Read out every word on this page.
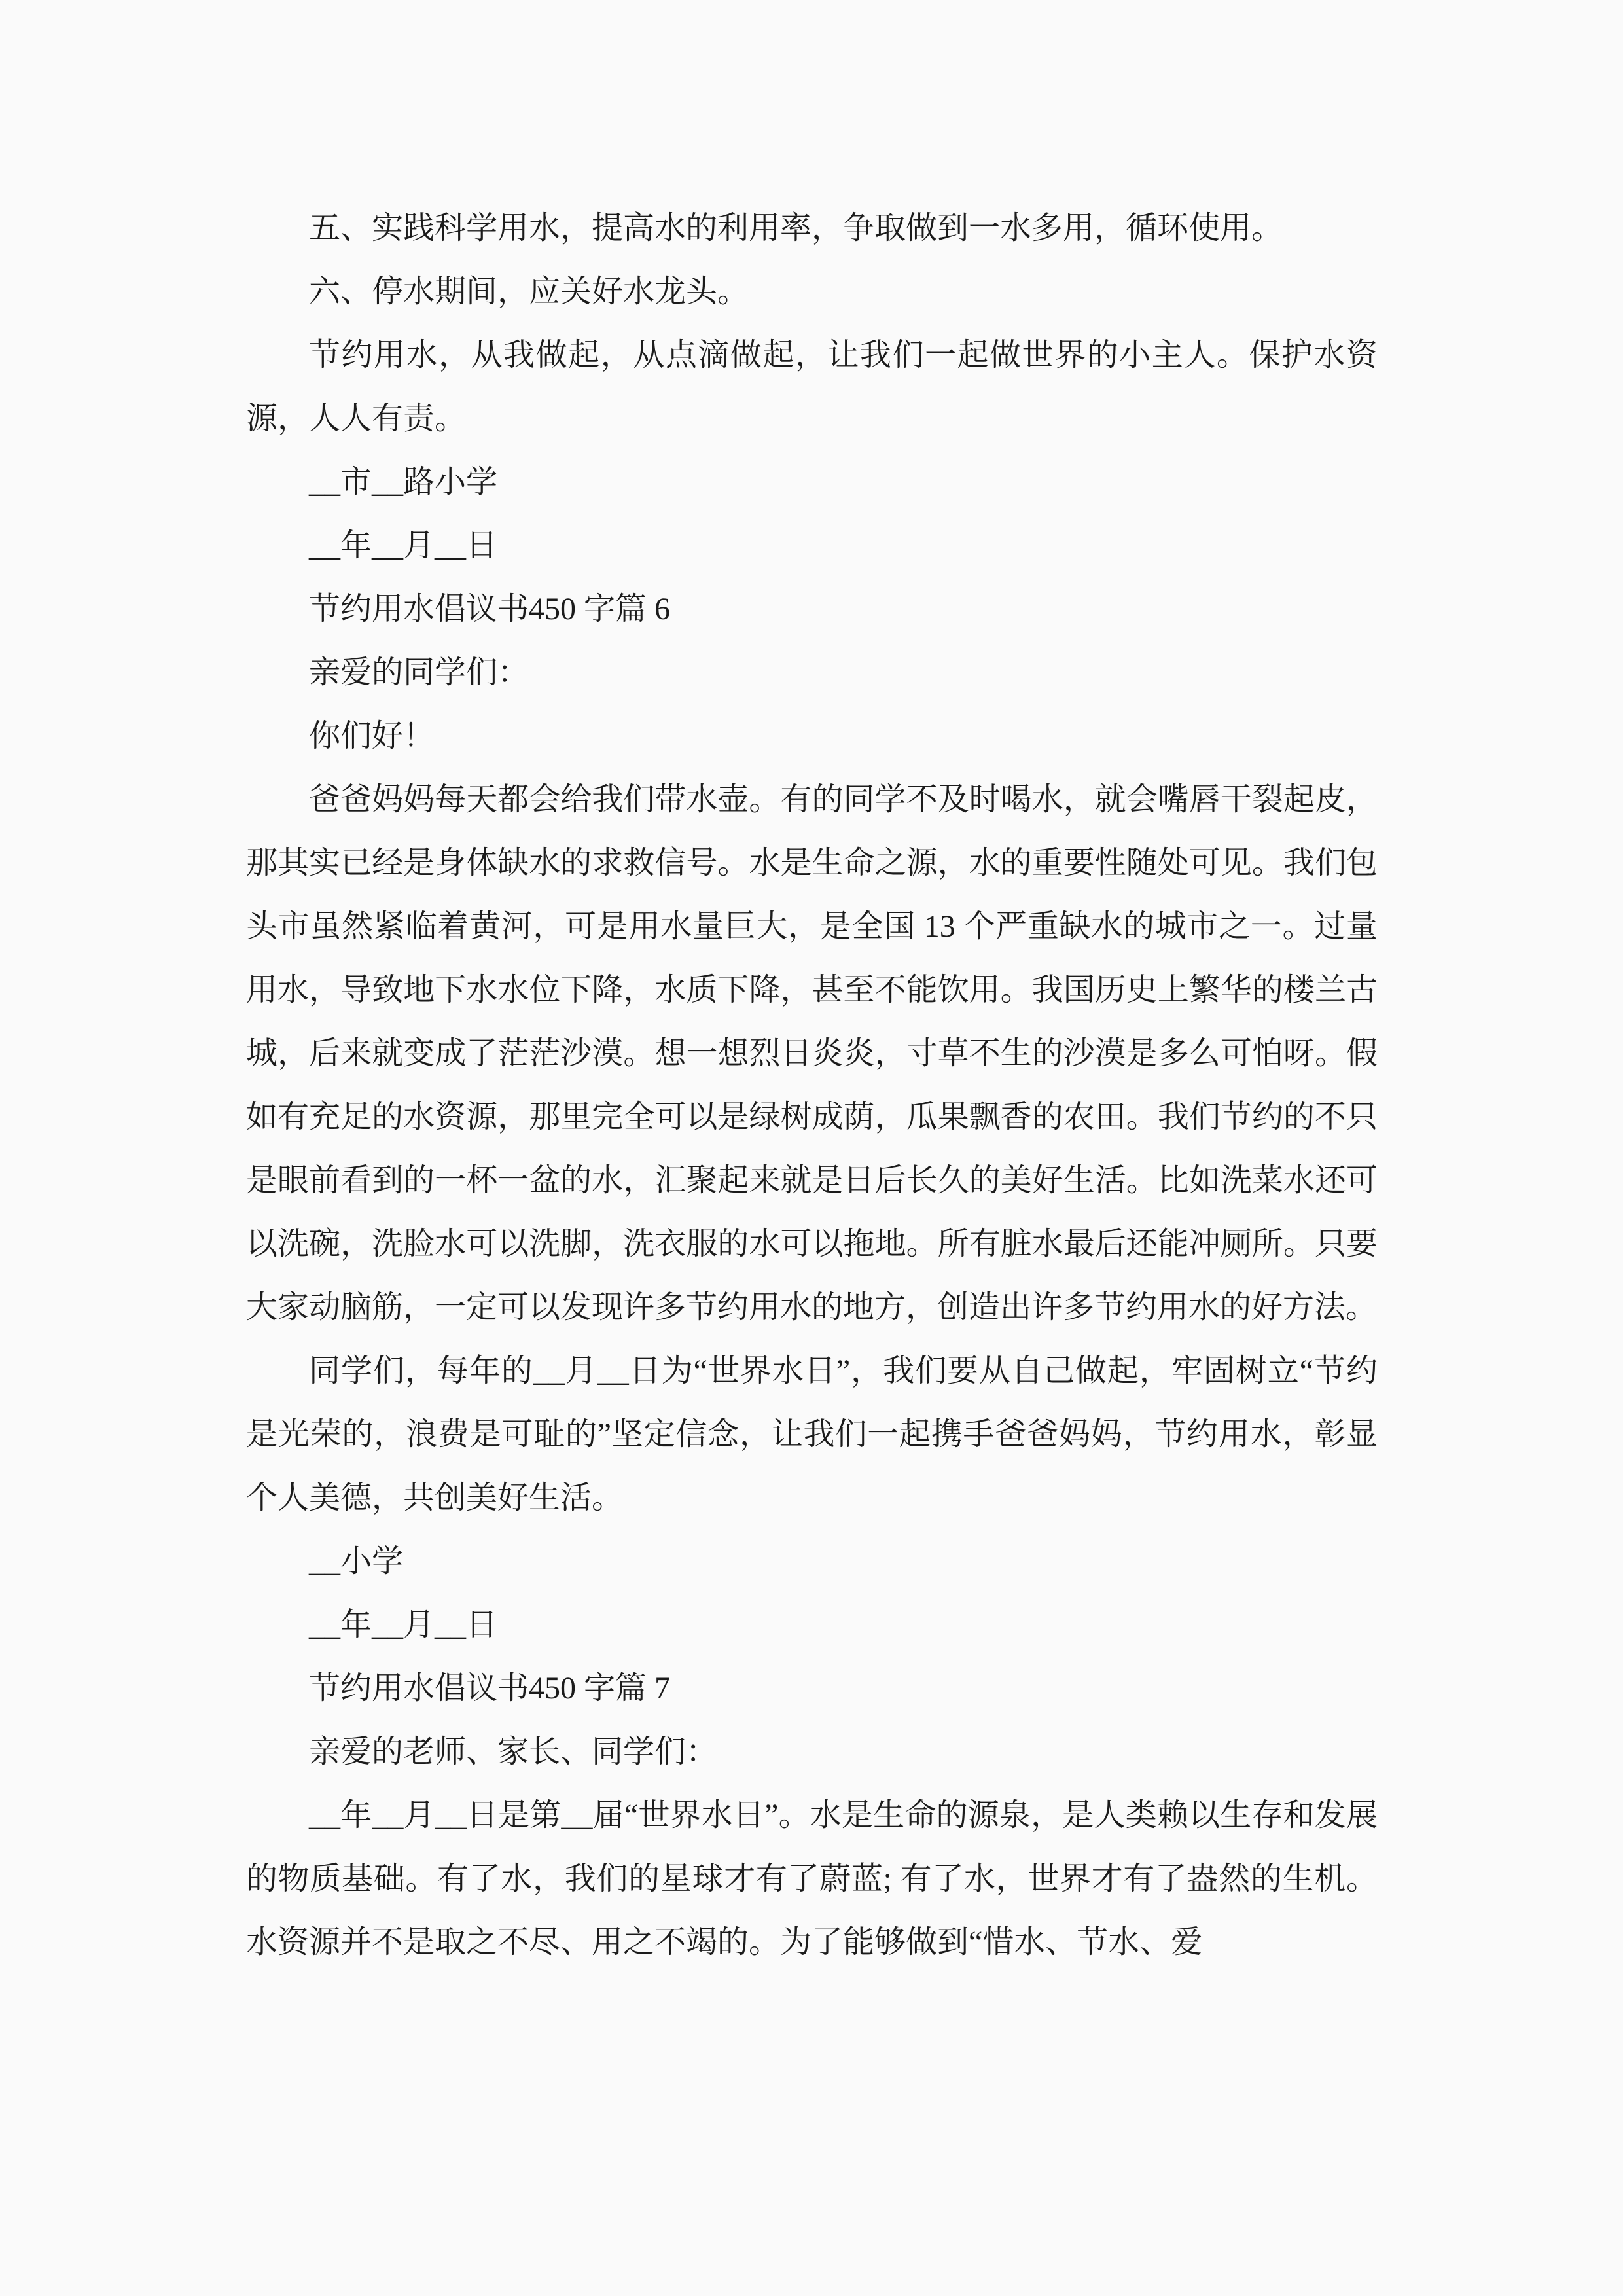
五、实践科学用水，提高水的利用率，争取做到一水多用，循环使用。

六、停水期间，应关好水龙头。

节约用水，从我做起，从点滴做起，让我们一起做世界的小主人。保护水资源，人人有责。

__市__路小学

__年__月__日

节约用水倡议书450 字篇 6

亲爱的同学们：

你们好！

爸爸妈妈每天都会给我们带水壶。有的同学不及时喝水，就会嘴唇干裂起皮，那其实已经是身体缺水的求救信号。水是生命之源，水的重要性随处可见。我们包头市虽然紧临着黄河，可是用水量巨大，是全国 13 个严重缺水的城市之一。过量用水，导致地下水水位下降，水质下降，甚至不能饮用。我国历史上繁华的楼兰古城，后来就变成了茫茫沙漠。想一想烈日炎炎，寸草不生的沙漠是多么可怕呀。假如有充足的水资源，那里完全可以是绿树成荫，瓜果飘香的农田。我们节约的不只是眼前看到的一杯一盆的水，汇聚起来就是日后长久的美好生活。比如洗菜水还可以洗碗，洗脸水可以洗脚，洗衣服的水可以拖地。所有脏水最后还能冲厕所。只要大家动脑筋，一定可以发现许多节约用水的地方，创造出许多节约用水的好方法。

同学们，每年的__月__日为“世界水日”，我们要从自己做起，牢固树立“节约是光荣的，浪费是可耻的”坚定信念，让我们一起携手爸爸妈妈，节约用水，彰显个人美德，共创美好生活。

__小学

__年__月__日

节约用水倡议书450 字篇 7

亲爱的老师、家长、同学们：

__年__月__日是第__届“世界水日”。水是生命的源泉，是人类赖以生存和发展的物质基础。有了水，我们的星球才有了蔚蓝; 有了水，世界才有了盎然的生机。水资源并不是取之不尽、用之不竭的。为了能够做到“惜水、节水、爱
